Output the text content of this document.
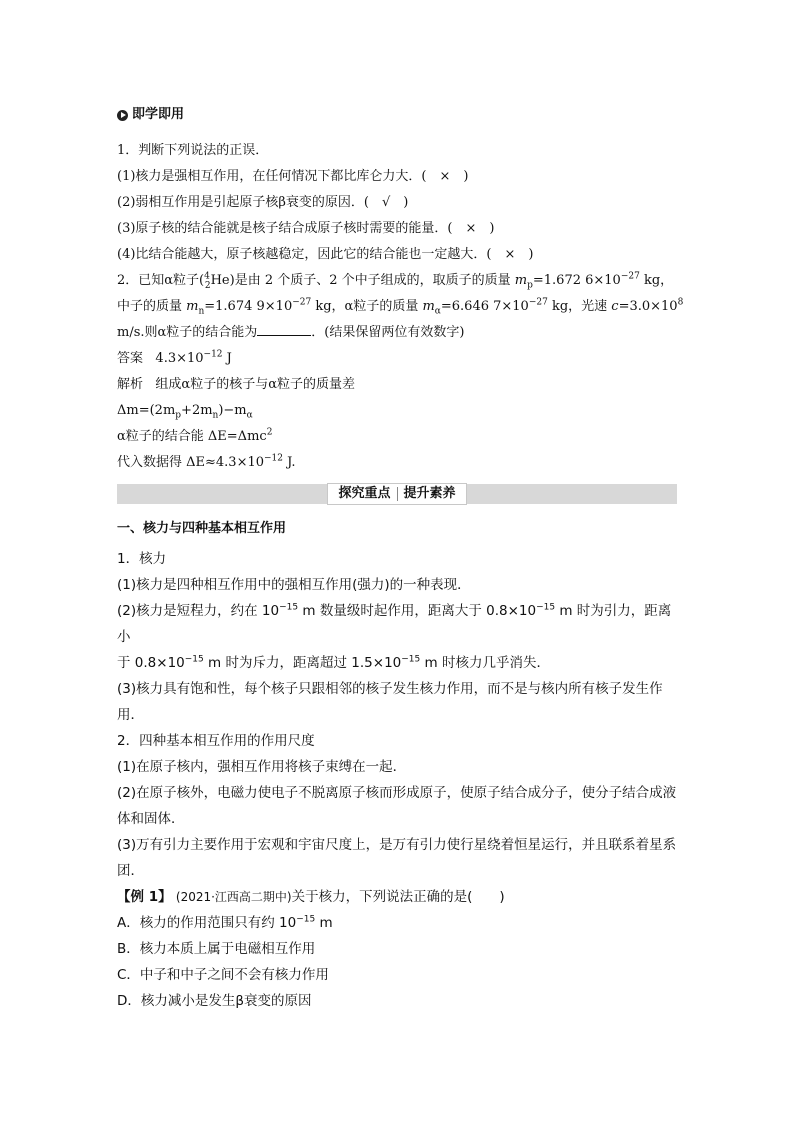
即学即用
1．判断下列说法的正误．
(1)核力是强相互作用，在任何情况下都比库仑力大．(　×　)
(2)弱相互作用是引起原子核β衰变的原因．(　√　)
(3)原子核的结合能就是核子结合成原子核时需要的能量．(　×　)
(4)比结合能越大，原子核越稳定，因此它的结合能也一定越大．(　×　)
2．已知α粒子($^4_2$He)是由 2 个质子、2 个中子组成的，取质子的质量 $m_p=1.672$ $6\times 10^{-27}$ kg，
中子的质量 $m_n=1.674$ $9\times 10^{-27}$ kg，α粒子的质量 $m_\alpha=6.646$ $7\times 10^{-27}$ kg，光速 $c=3.0\times 10^8$
m/s.则α粒子的结合能为	．(结果保留两位有效数字)
答案 $4.3\times 10^{-12}$ J
解析 组成α粒子的核子与α粒子的质量差
$\Delta m=(2m_p+2m_n)-m_\alpha$
α粒子的结合能 ΔE=Δmc$^2$
代入数据得 $\Delta E\approx 4.3\times 10^{-12}$ J.
探究重点	提升素养
一、核力与四种基本相互作用
1．核力
(1)核力是四种相互作用中的强相互作用(强力)的一种表现．
(2)核力是短程力，约在 $10^{-15}$ m 数量级时起作用，距离大于 $0.8\times 10^{-15}$ m 时为引力，距离小
于 $0.8\times 10^{-15}$ m 时为斥力，距离超过 $1.5\times 10^{-15}$ m 时核力几乎消失．
(3)核力具有饱和性，每个核子只跟相邻的核子发生核力作用，而不是与核内所有核子发生作用．
2．四种基本相互作用的作用尺度
(1)在原子核内，强相互作用将核子束缚在一起．
(2)在原子核外，电磁力使电子不脱离原子核而形成原子，使原子结合成分子，使分子结合成液体和固体．
(3)万有引力主要作用于宏观和宇宙尺度上，是万有引力使行星绕着恒星运行，并且联系着星系团．
【例 1】 (2021·江西高二期中)关于核力，下列说法正确的是(　　)
A．核力的作用范围只有约 $10^{-15}$ m
B．核力本质上属于电磁相互作用
C．中子和中子之间不会有核力作用
D．核力减小是发生β衰变的原因
